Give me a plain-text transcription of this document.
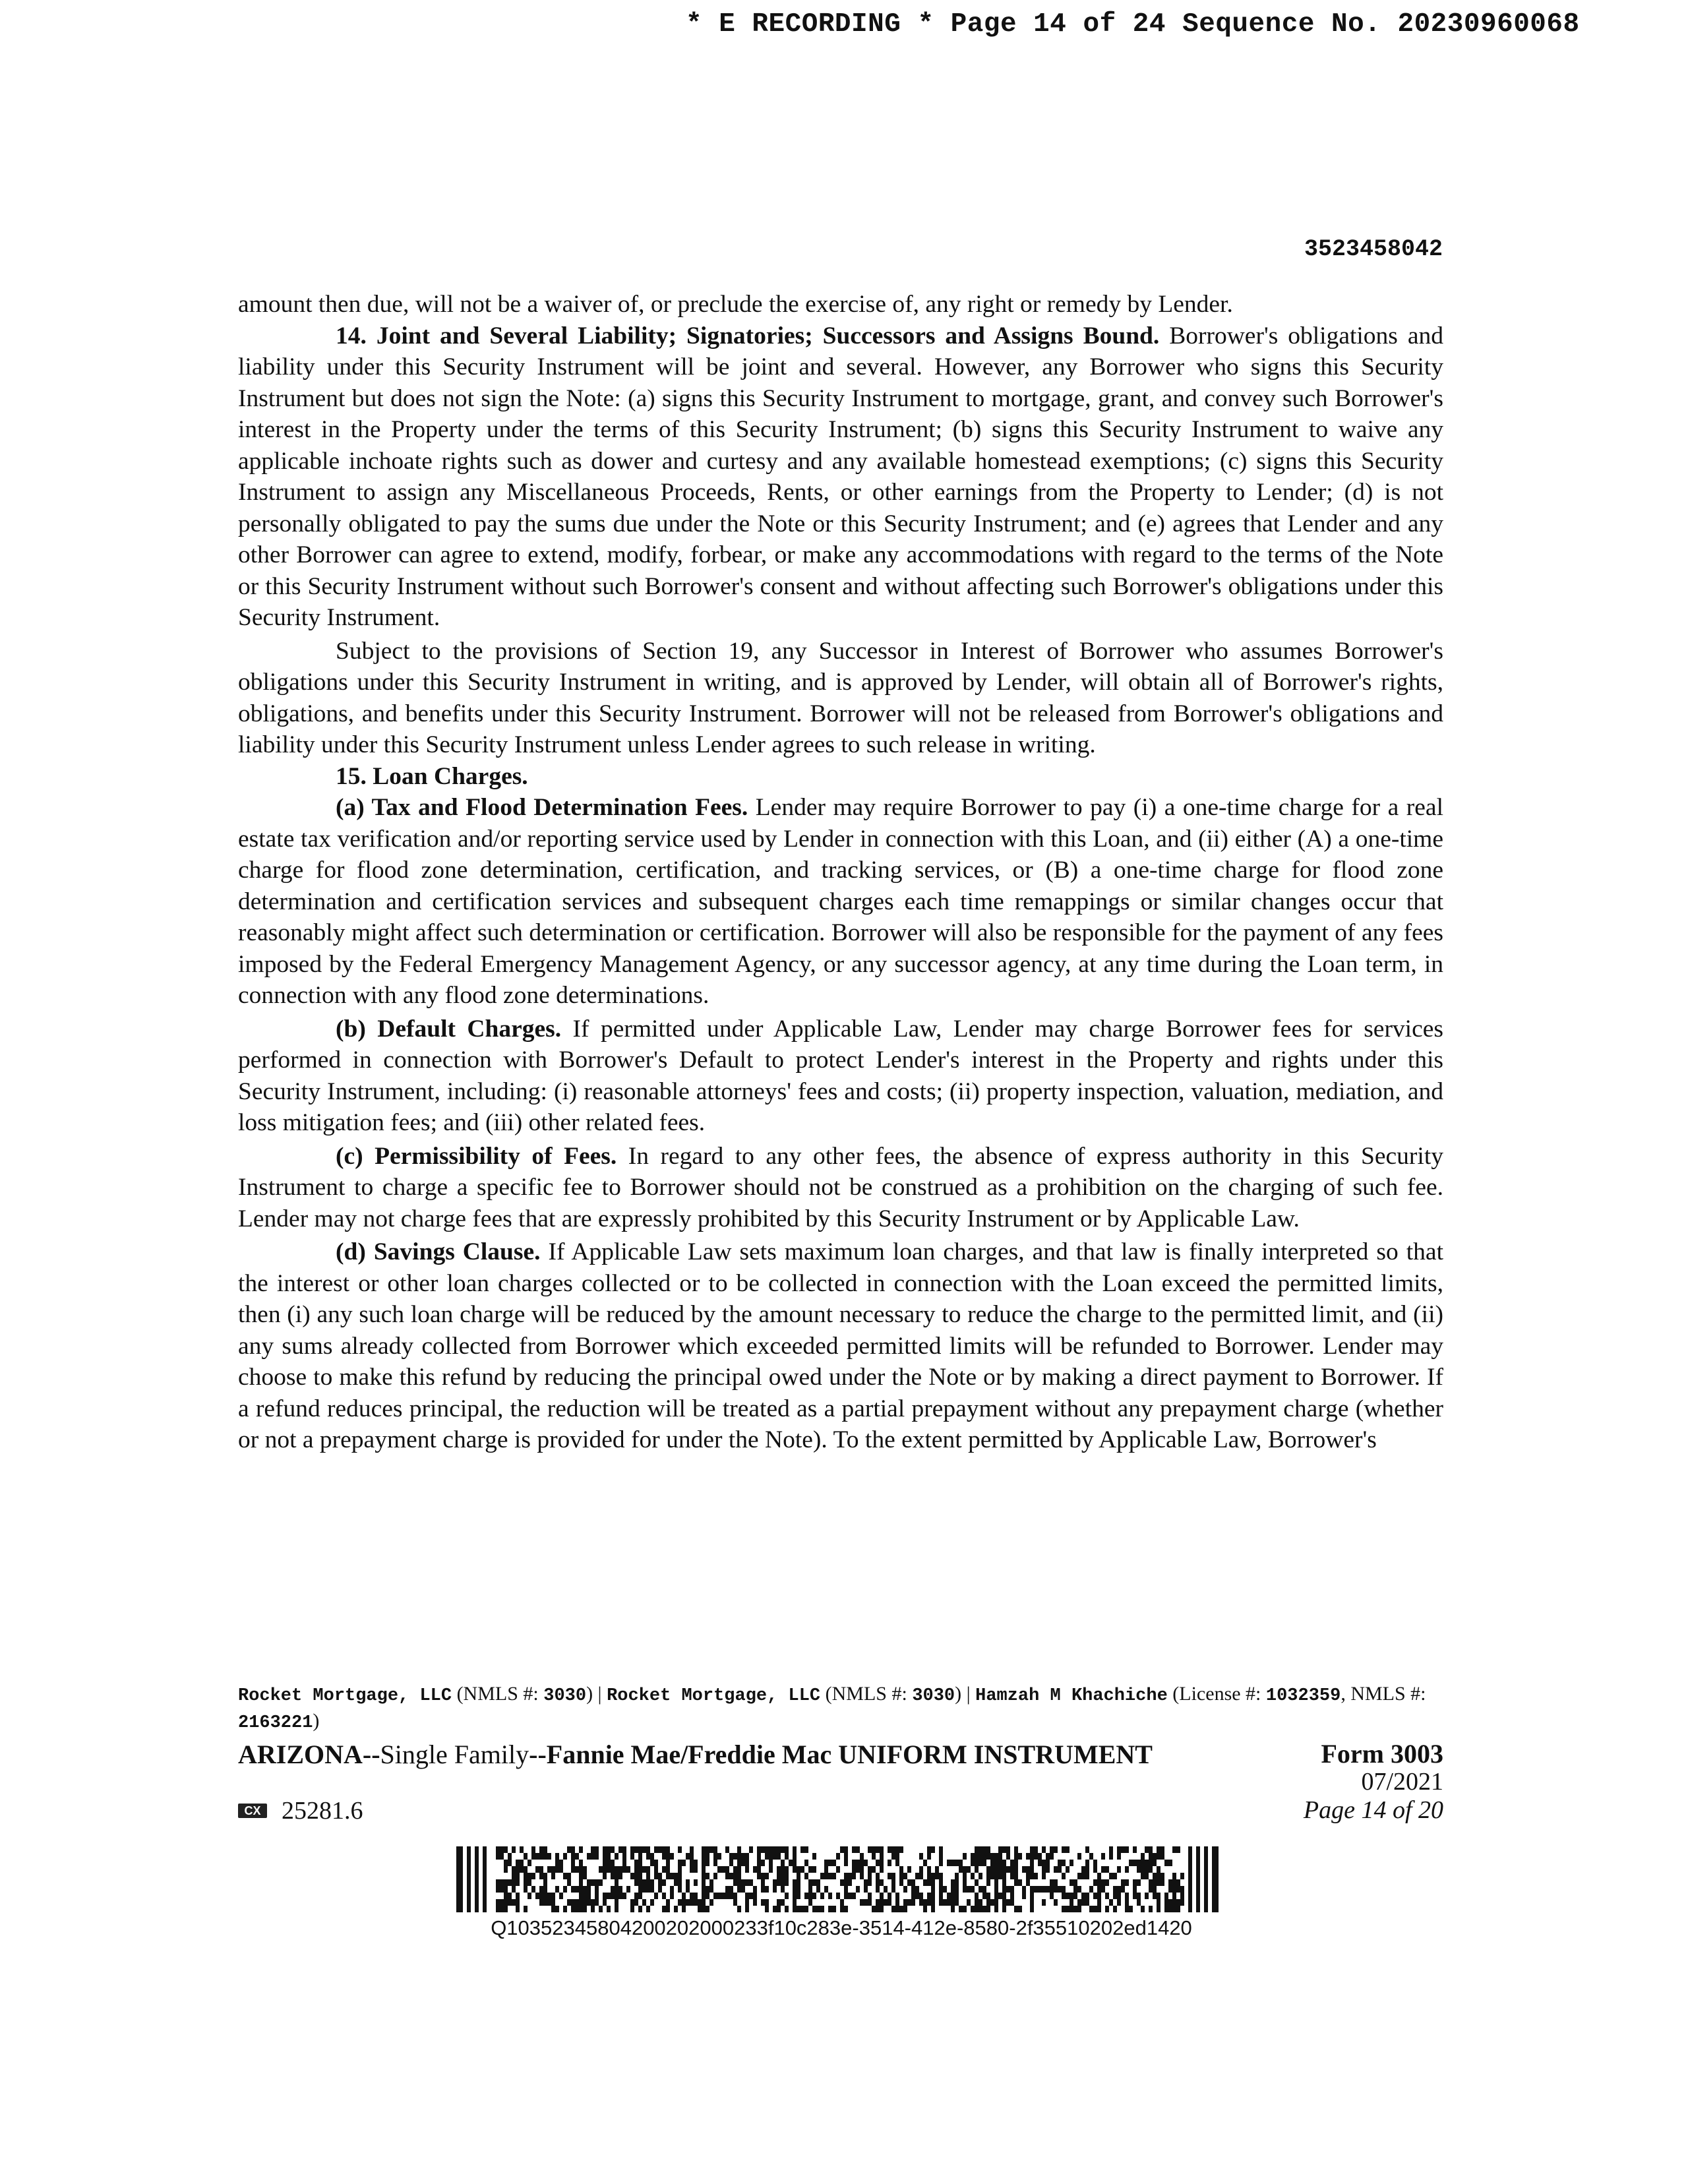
* E RECORDING * Page 14 of 24 Sequence No. 20230960068
3523458042

amount then due, will not be a waiver of, or preclude the exercise of, any right or remedy by Lender.

14. Joint and Several Liability; Signatories; Successors and Assigns Bound. Borrower's obligations and liability under this Security Instrument will be joint and several. However, any Borrower who signs this Security Instrument but does not sign the Note: (a) signs this Security Instrument to mortgage, grant, and convey such Borrower's interest in the Property under the terms of this Security Instrument; (b) signs this Security Instrument to waive any applicable inchoate rights such as dower and curtesy and any available homestead exemptions; (c) signs this Security Instrument to assign any Miscellaneous Proceeds, Rents, or other earnings from the Property to Lender; (d) is not personally obligated to pay the sums due under the Note or this Security Instrument; and (e) agrees that Lender and any other Borrower can agree to extend, modify, forbear, or make any accommodations with regard to the terms of the Note or this Security Instrument without such Borrower's consent and without affecting such Borrower's obligations under this Security Instrument.

Subject to the provisions of Section 19, any Successor in Interest of Borrower who assumes Borrower's obligations under this Security Instrument in writing, and is approved by Lender, will obtain all of Borrower's rights, obligations, and benefits under this Security Instrument. Borrower will not be released from Borrower's obligations and liability under this Security Instrument unless Lender agrees to such release in writing.

15. Loan Charges.

(a) Tax and Flood Determination Fees. Lender may require Borrower to pay (i) a one-time charge for a real estate tax verification and/or reporting service used by Lender in connection with this Loan, and (ii) either (A) a one-time charge for flood zone determination, certification, and tracking services, or (B) a one-time charge for flood zone determination and certification services and subsequent charges each time remappings or similar changes occur that reasonably might affect such determination or certification. Borrower will also be responsible for the payment of any fees imposed by the Federal Emergency Management Agency, or any successor agency, at any time during the Loan term, in connection with any flood zone determinations.

(b) Default Charges. If permitted under Applicable Law, Lender may charge Borrower fees for services performed in connection with Borrower's Default to protect Lender's interest in the Property and rights under this Security Instrument, including: (i) reasonable attorneys' fees and costs; (ii) property inspection, valuation, mediation, and loss mitigation fees; and (iii) other related fees.

(c) Permissibility of Fees. In regard to any other fees, the absence of express authority in this Security Instrument to charge a specific fee to Borrower should not be construed as a prohibition on the charging of such fee. Lender may not charge fees that are expressly prohibited by this Security Instrument or by Applicable Law.

(d) Savings Clause. If Applicable Law sets maximum loan charges, and that law is finally interpreted so that the interest or other loan charges collected or to be collected in connection with the Loan exceed the permitted limits, then (i) any such loan charge will be reduced by the amount necessary to reduce the charge to the permitted limit, and (ii) any sums already collected from Borrower which exceeded permitted limits will be refunded to Borrower. Lender may choose to make this refund by reducing the principal owed under the Note or by making a direct payment to Borrower. If a refund reduces principal, the reduction will be treated as a partial prepayment without any prepayment charge (whether or not a prepayment charge is provided for under the Note). To the extent permitted by Applicable Law, Borrower's

Rocket Mortgage, LLC (NMLS #: 3030) | Rocket Mortgage, LLC (NMLS #: 3030) | Hamzah M Khachiche (License #: 1032359, NMLS #: 2163221)
ARIZONA--Single Family--Fannie Mae/Freddie Mac UNIFORM INSTRUMENT	Form 3003
07/2021
Page 14 of 20
CX 25281.6
Q10352345804200202000233f10c283e-3514-412e-8580-2f35510202ed1420
